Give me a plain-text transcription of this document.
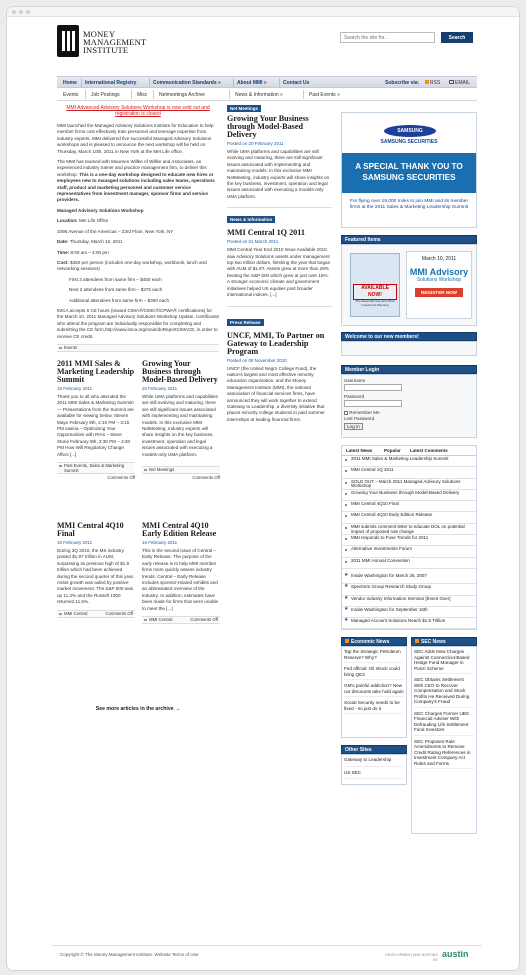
MONEY
MANAGEMENT
INSTITUTE
Search the site for...
Search
Home International Registry	Communication Standards »	About MMI »	Contact Us	Subscribe via:	RSS	EMAIL
Events	Job Postings	Misc Netmeetings Archive	News & Information »	Past Events »
MMI Advanced Advisory Solutions Workshop is now sold out and registration is closed
MMI launched the Managed Advisory Solutions Institute for Education to help member firms cost effectively train personnel and leverage expertise from industry experts. MMI delivered five successful Managed Advisory Solutions workshops and is pleased to announce the next workshop will be held on Thursday, March 10th, 2011 in New York at the Met Life office.
The MMI has teamed with Maureen Willke of Willke and Associates, an experienced industry trainer and practice management firm, to deliver this workshop. This is a one-day workshop designed to educate new hires or employees new to managed solutions including sales teams, operations staff, product and marketing personnel and customer service representatives from investment manager, sponsor firms and service providers.
Managed Advisory Solutions Workshop
Location: Met Life Office
1095 Avenue of the Americas – 23rd Floor, New York, NY
Date: Thursday, March 10, 2011
Time: 8:00 am – 4:00 pm
Cost: $450 per person (includes one-day workshop, workbook, lunch and networking sessions)
First 3 attendees from same firm – $450 each
Next 2 attendees from same firm – $375 each
Additional attendees from same firm – $300 each
IMCA accepts 6 CE hours (toward CIMA®/CIMC®/CPWA® certifications) for the March 10, 2011 Managed Advisory Solutions Workshop Update. Certificants who attend the program are individually responsible for completing and submitting the CE form,http://www.imca.org/main/doReportCIMACE, in order to receive CE credit.
Events
2011 MMI Sales & Marketing Leadership Summit
15 February 2011
Thank you to all who attended the 2011 MMI Sales & Marketing Summit! — Presentations from the Summit are available for viewing below. Steven Mayo February 9th, 2:15 PM – 3:15 PM xasina – Optimizing Your Opportunities with RIAs – Steve Stone February 9th, 3:30 PM – 4:30 PM How Will Regulatory Change Affect [...]
Past Events, Sales & Marketing Summit
Comments Off
Growing Your Business through Model-Based Delivery
20 February 2011
While UMA platforms and capabilities are still evolving and maturing, there are still significant issues associated with implementing and maintaining models. In this exclusive MMI NetMeeting, industry experts will share insights on the key business, investment, operation and legal issues associated with executing a models-only UMA platform.
Net Meetings
Comments Off
MMI Central 4Q10 Final
16 February 2011
During 3Q 2010, the MS industry posted $1.97 trillion in AUM, surpassing its previous high of $1.8 trillion which had been achieved during the second quarter of this year. Asset growth was aided by positive market movement. The S&P 500 was up 11.3% and the Russell 1000 returned 11.5%.
MMI Central	Comments Off
MMI Central 4Q10 Early Edition Release
16 February 2011
This is the second issue of Central – Early Release. The purpose of the early release is to help MMI member firms more quickly assess industry trends. Central – Early Release includes sponsor-related exhibits and an abbreviated overview of the industry. In addition, estimates have been made for firms that were unable to meet the [...]
MMI Central	Comments Off
See more articles in the archive →
Net Meetings
Growing Your Business through Model-Based Delivery
Posted on 20 February 2011
While UMA platforms and capabilities are still evolving and maturing, there are still significant issues associated with implementing and maintaining models. In this exclusive MMI NetMeeting, industry experts will share insights on the key business, investment, operation and legal issues associated with executing a models-only UMA platform.
News & Information
MMI Central 1Q 2011
Posted on 01 March 2011
MMI Central Year End 2010 Issue Available 2010 saw Advisory Solutions assets under management top two trillion dollars, finishing the year that began with AUM of $1.8T. Assets grew at more than 26% beating the S&P 500 which grew at just over 15%. A stronger economic climate and government initiatives helped US equities post broader international indices. [...]
Press Release
UNCF, MMI, To Partner on Gateway to Leadership Program
Posted on 08 November 2010
UNCF (the United Negro College Fund), the nation's largest and most effective minority education organization, and the Money Management Institute (MMI), the national association of financial services firms, have announced they will work together to extend Gateway to Leadership, a diversity initiative that places minority college students in paid summer internships at leading financial firms.
SAMSUNG
SAMSUNG SECURITIES
A SPECIAL THANK YOU TO SAMSUNG SECURITIES
For flying over 15,000 miles to join MMI and its member firms at the 2011 Sales & Marketing Leadership Summit
Featured Items
AVAILABLE NOW!
The Essential Year-End 2010 Investment Planning
March 10, 2011
MMI Advisory
Solutions Workshop
REGISTER NOW
Welcome to our new members!
Member Login
Username
Password
Remember Me
Lost Password
Log In
Latest News	Popular Latest Comments
2011 MMI Sales & Marketing Leadership Summit
MMI Central 1Q 2011
SOLD OUT – March 2011 Managed Advisory Solutions Workshop
Growing Your Business through Model-Based Delivery
MMI Central 4Q10 Final
MMI Central 4Q10 Early Edition Release
MMI submits comment letter to educate DOL on potential impact of proposed rule change
MMI responds to Fuse Trends for 2011
Alternative Investments Forum
2011 MMI Annual Convention
★ Inside Washington for March 26, 2007
★ Spectrem Group Research Study Group
★ Vendor Industry Information Seminar [Event Over]
★ Inside Washington for September 16th
★ Managed Account Solutions Reach $1.5 Trillion
Economic News
Tap the Strategic Petroleum Reserve? Why?
Fed official: Oil shock could bring QE3
GM's painful addiction? New car discounts take hold again
Social Security needs to be fixed - so just do it
Other Sites
Gateway to Leadership
US SEC
SEC News
SEC Adds New Charges Against Connecticut-Based Hedge Fund Manager in Ponzi Scheme
SEC Obtains Settlement With CEO to Recover Compensation and Stock Profits He Received During Company's Fraud
SEC Charges Former UBS Financial Adviser With Defrauding Life Settlement Fund Investors
SEC Proposes Rule Amendments to Remove Credit Rating References in Investment Company Act Rules and Forms
Copyright © The Money Management Institute. Website Terms of Use	DEVELOPMENT AND HOSTING BY
austin
